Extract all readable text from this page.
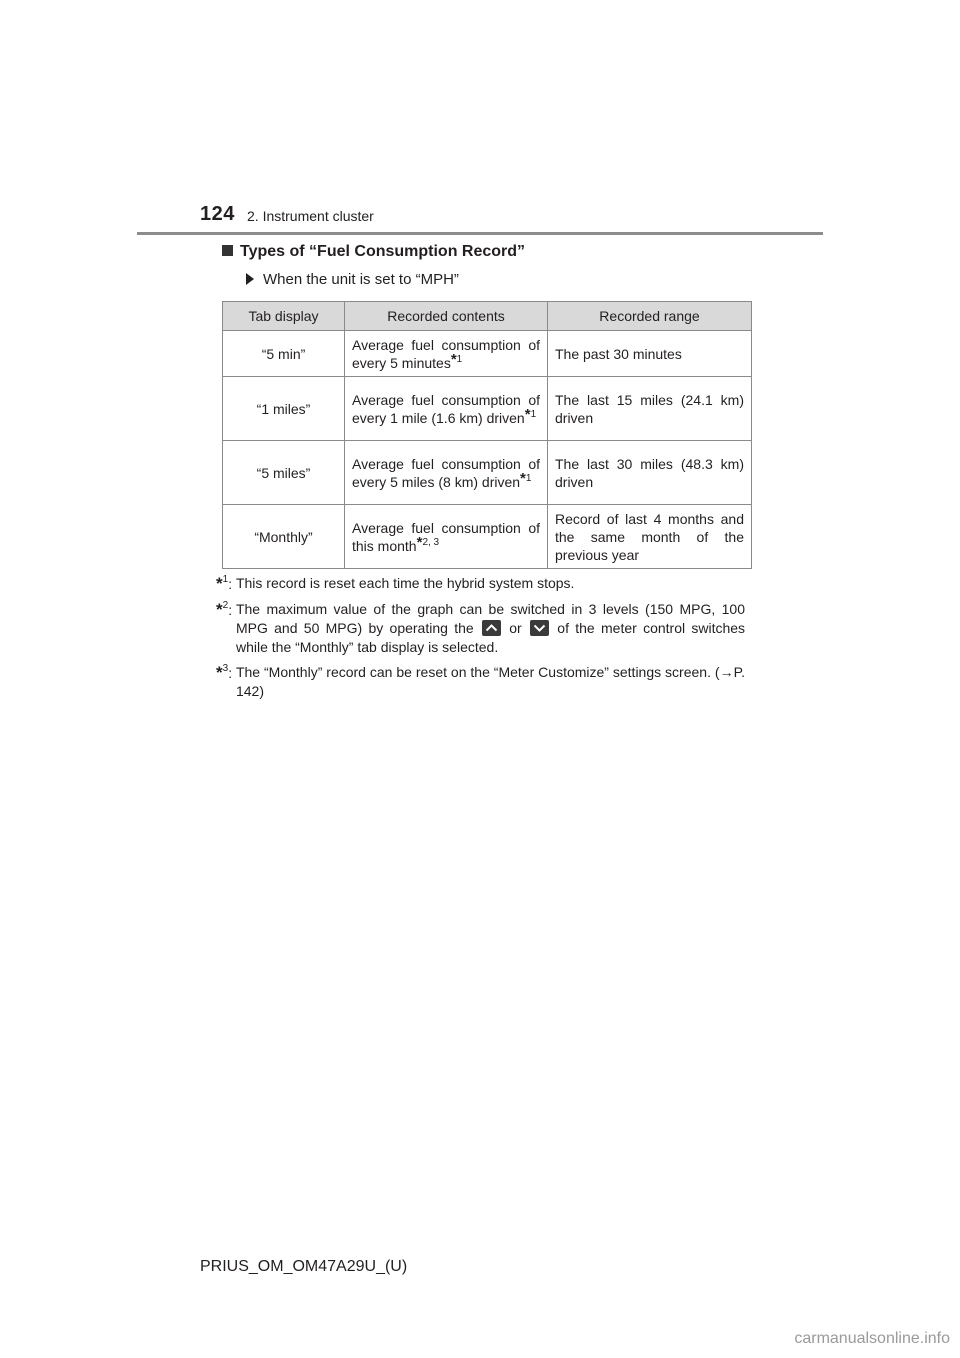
124 2. Instrument cluster
Types of “Fuel Consumption Record”
When the unit is set to “MPH”
Tab display	Recorded contents	Recorded range
“5 min”	Average fuel consumption of every 5 minutes$^{*1}$	The past 30 minutes
“1 miles”	Average fuel consumption of every 1 mile (1.6 km) driven$^{*1}$	The last 15 miles (24.1 km) driven
“5 miles”	Average fuel consumption of every 5 miles (8 km) driven$^{*1}$	The last 30 miles (48.3 km) driven
“Monthly”	Average fuel consumption of this month$^{*2, 3}$	Record of last 4 months and the same month of the previous year
*$^1$: This record is reset each time the hybrid system stops.
*$^2$: The maximum value of the graph can be switched in 3 levels (150 MPG, 100 MPG and 50 MPG) by operating the	or	of the meter control switches while the “Monthly” tab display is selected.
*$^3$: The “Monthly” record can be reset on the “Meter Customize” settings screen. (→P. 142)
PRIUS_OM_OM47A29U_(U)
carmanualsonline.info
